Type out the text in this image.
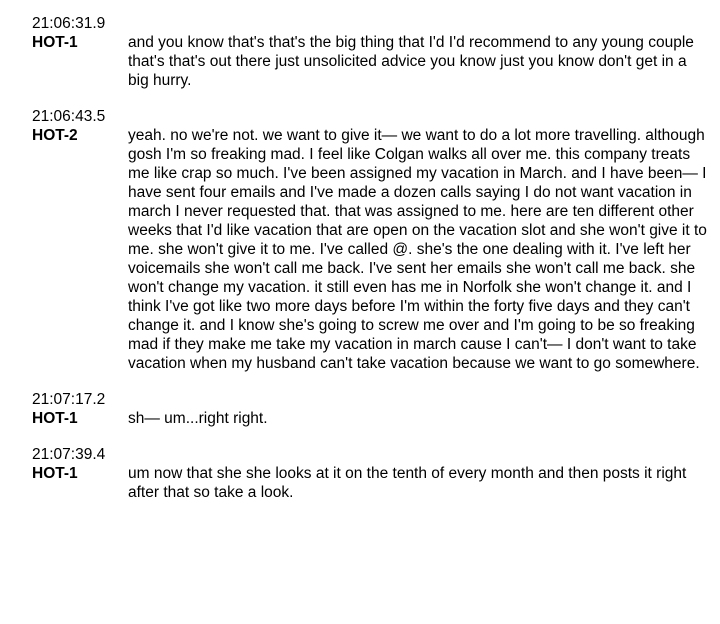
21:06:31.9
HOT-1	and you know that's that's the big thing that I'd I'd recommend to any young couple that's that's out there just unsolicited advice you know just you know don't get in a big hurry.
21:06:43.5
HOT-2	yeah. no we're not. we want to give it— we want to do a lot more travelling. although gosh I'm so freaking mad. I feel like Colgan walks all over me. this company treats me like crap so much. I've been assigned my vacation in March. and I have been— I have sent four emails and I've made a dozen calls saying I do not want vacation in march I never requested that. that was assigned to me. here are ten different other weeks that I'd like vacation that are open on the vacation slot and she won't give it to me. she won't give it to me. I've called @. she's the one dealing with it. I've left her voicemails she won't call me back. I've sent her emails she won't call me back. she won't change my vacation. it still even has me in Norfolk she won't change it. and I think I've got like two more days before I'm within the forty five days and they can't change it. and I know she's going to screw me over and I'm going to be so freaking mad if they make me take my vacation in march cause I can't— I don't want to take vacation when my husband can't take vacation because we want to go somewhere.
21:07:17.2
HOT-1	sh— um...right right.
21:07:39.4
HOT-1	um now that she she looks at it on the tenth of every month and then posts it right after that so take a look.
